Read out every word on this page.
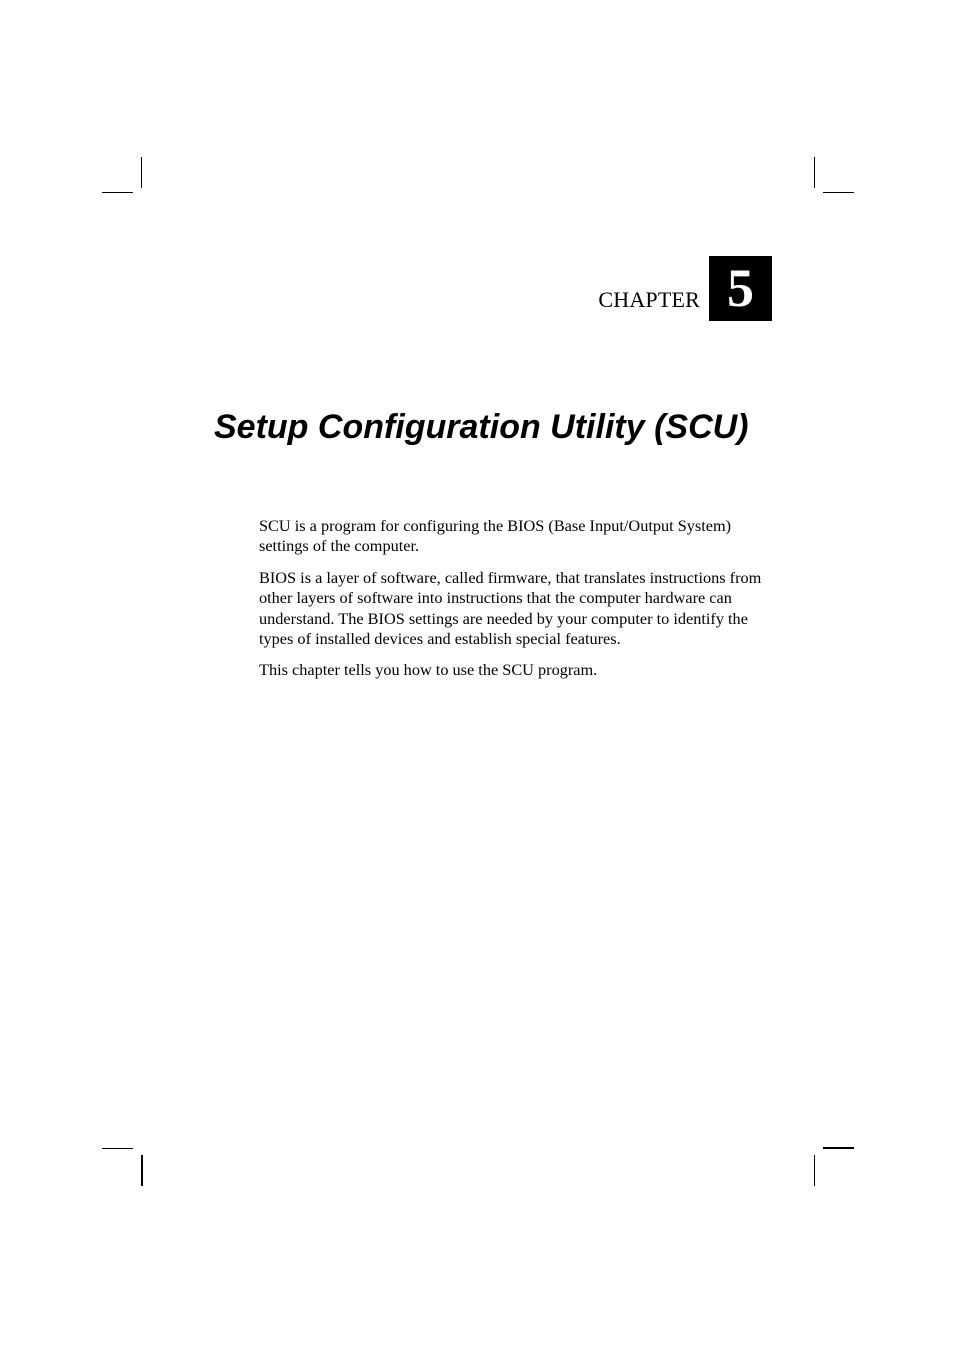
CHAPTER 5
Setup Configuration Utility (SCU)

SCU is a program for configuring the BIOS (Base Input/Output System) settings of the computer.

BIOS is a layer of software, called firmware, that translates instructions from other layers of software into instructions that the computer hardware can understand. The BIOS settings are needed by your computer to identify the types of installed devices and establish special features.

This chapter tells you how to use the SCU program.
